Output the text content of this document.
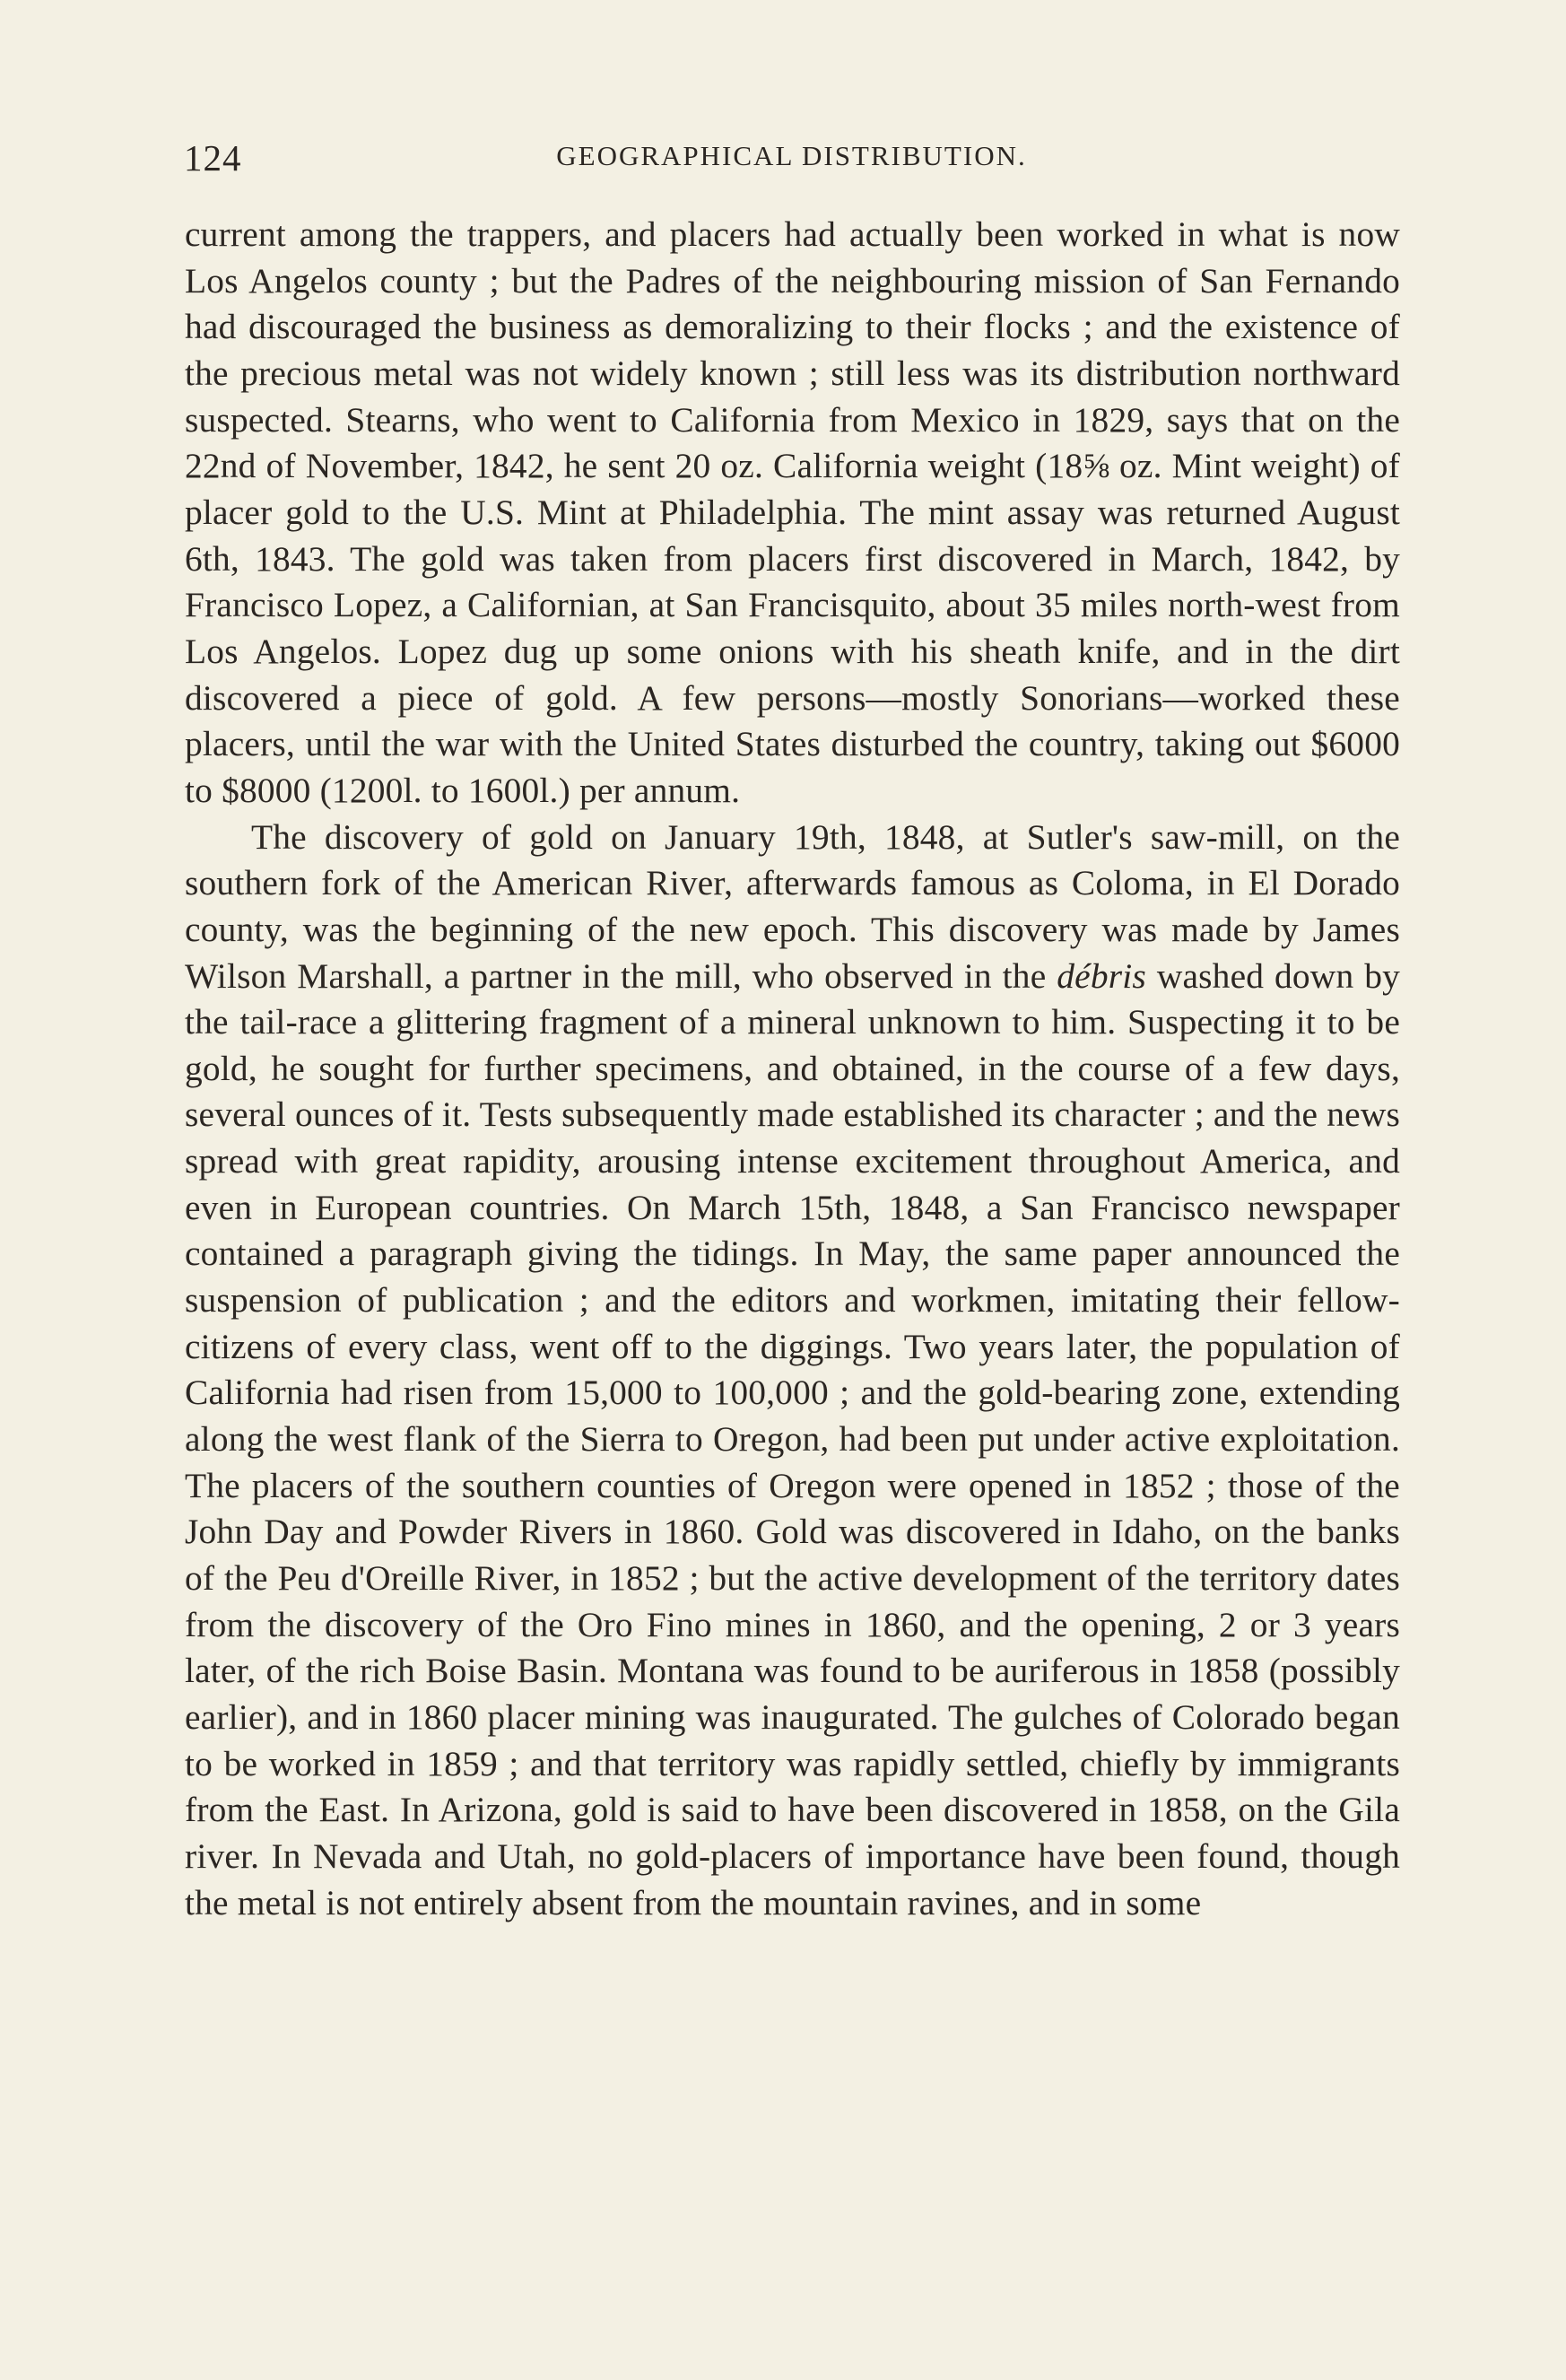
124	GEOGRAPHICAL DISTRIBUTION.

current among the trappers, and placers had actually been worked in what is now Los Angelos county ; but the Padres of the neighbouring mission of San Fernando had discouraged the business as demoralizing to their flocks ; and the existence of the precious metal was not widely known ; still less was its distribution northward suspected. Stearns, who went to California from Mexico in 1829, says that on the 22nd of November, 1842, he sent 20 oz. California weight (18⅝ oz. Mint weight) of placer gold to the U.S. Mint at Philadelphia. The mint assay was returned August 6th, 1843. The gold was taken from placers first discovered in March, 1842, by Francisco Lopez, a Californian, at San Francisquito, about 35 miles north-west from Los Angelos. Lopez dug up some onions with his sheath knife, and in the dirt discovered a piece of gold. A few persons—mostly Sonorians—worked these placers, until the war with the United States disturbed the country, taking out $6000 to $8000 (1200l. to 1600l.) per annum.

The discovery of gold on January 19th, 1848, at Sutler's saw-mill, on the southern fork of the American River, afterwards famous as Coloma, in El Dorado county, was the beginning of the new epoch. This discovery was made by James Wilson Marshall, a partner in the mill, who observed in the débris washed down by the tail-race a glittering fragment of a mineral unknown to him. Suspecting it to be gold, he sought for further specimens, and obtained, in the course of a few days, several ounces of it. Tests subsequently made established its character ; and the news spread with great rapidity, arousing intense excitement throughout America, and even in European countries. On March 15th, 1848, a San Francisco newspaper contained a paragraph giving the tidings. In May, the same paper announced the suspension of publication ; and the editors and workmen, imitating their fellow-citizens of every class, went off to the diggings. Two years later, the population of California had risen from 15,000 to 100,000 ; and the gold-bearing zone, extending along the west flank of the Sierra to Oregon, had been put under active exploitation. The placers of the southern counties of Oregon were opened in 1852 ; those of the John Day and Powder Rivers in 1860. Gold was discovered in Idaho, on the banks of the Peu d'Oreille River, in 1852 ; but the active development of the territory dates from the discovery of the Oro Fino mines in 1860, and the opening, 2 or 3 years later, of the rich Boise Basin. Montana was found to be auriferous in 1858 (possibly earlier), and in 1860 placer mining was inaugurated. The gulches of Colorado began to be worked in 1859 ; and that territory was rapidly settled, chiefly by immigrants from the East. In Arizona, gold is said to have been discovered in 1858, on the Gila river. In Nevada and Utah, no gold-placers of importance have been found, though the metal is not entirely absent from the mountain ravines, and in some
